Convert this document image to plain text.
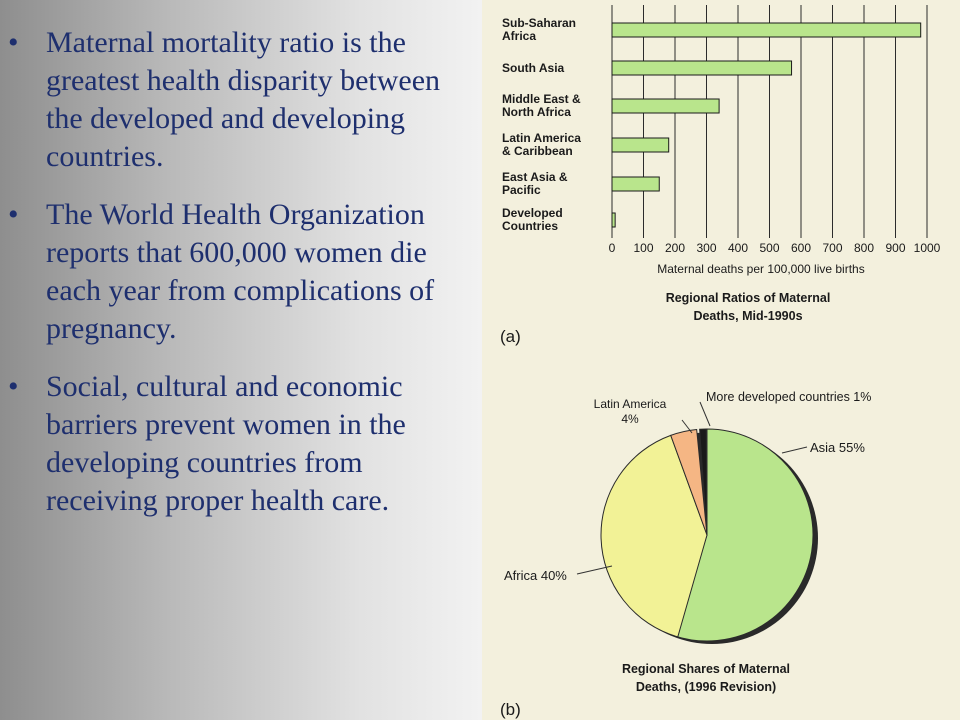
• Maternal mortality ratio is the greatest health disparity between the developed and developing countries.
• The World Health Organization reports that 600,000 women die each year from complications of pregnancy.
• Social, cultural and economic barriers prevent women in the developing countries from receiving proper health care.
Sub-Saharan
Africa
South Asia
Middle East &
North Africa
Latin America
& Caribbean
East Asia &
Pacific
Developed
Countries
0 100 200 300 400 500 600 700 800 900 1000
Maternal deaths per 100,000 live births
Regional Ratios of Maternal
Deaths, Mid-1990s
(a)
Asia 55%
Africa 40%
Latin America
4%
More developed countries 1%
Regional Shares of Maternal
Deaths, (1996 Revision)
(b)
